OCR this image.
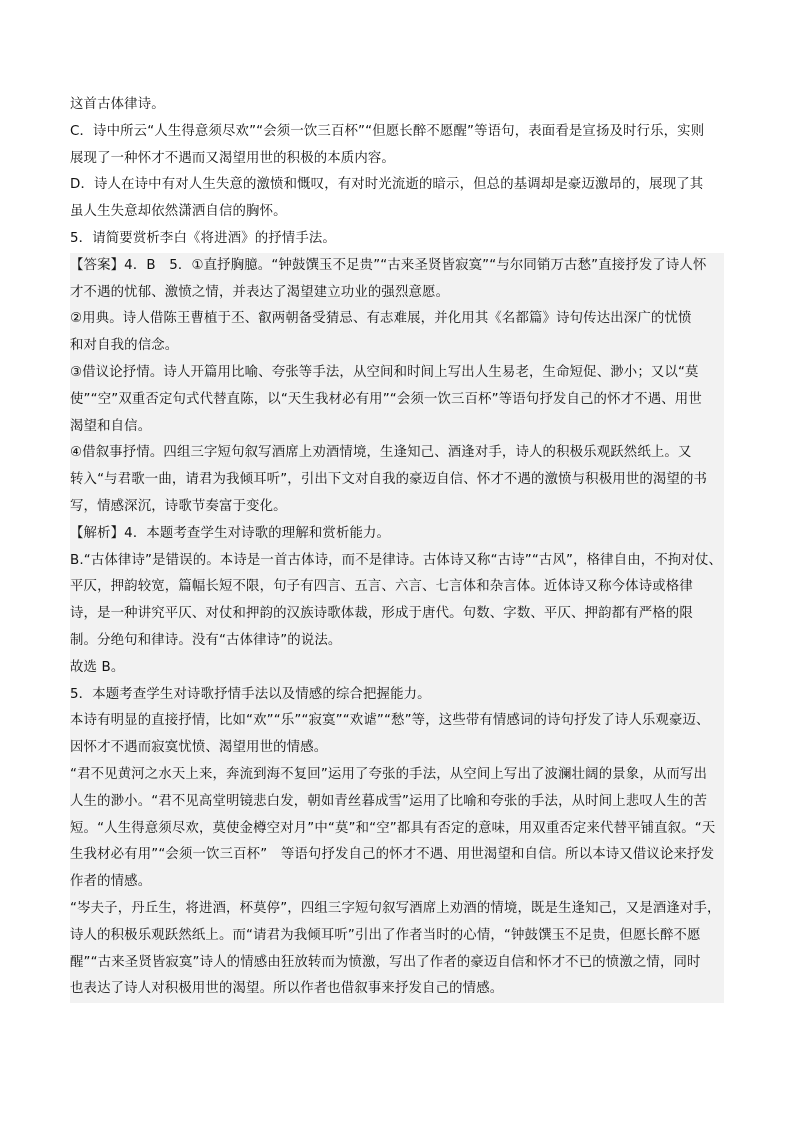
这首古体律诗。
C．诗中所云“人生得意须尽欢”“会须一饮三百杯”“但愿长醉不愿醒”等语句，表面看是宣扬及时行乐，实则
展现了一种怀才不遇而又渴望用世的积极的本质内容。
D．诗人在诗中有对人生失意的激愤和慨叹，有对时光流逝的暗示，但总的基调却是豪迈激昂的，展现了其
虽人生失意却依然潇洒自信的胸怀。
5．请简要赏析李白《将进酒》的抒情手法。
【答案】4．B　5．①直抒胸臆。“钟鼓馔玉不足贵”“古来圣贤皆寂寞”“与尔同销万古愁”直接抒发了诗人怀
才不遇的忧郁、激愤之情，并表达了渴望建立功业的强烈意愿。
②用典。诗人借陈王曹植于丕、叡两朝备受猜忌、有志难展，并化用其《名都篇》诗句传达出深广的忧愤
和对自我的信念。
③借议论抒情。诗人开篇用比喻、夸张等手法，从空间和时间上写出人生易老，生命短促、渺小；又以“莫
使”“空”双重否定句式代替直陈，以“天生我材必有用”“会须一饮三百杯”等语句抒发自己的怀才不遇、用世
渴望和自信。
④借叙事抒情。四组三字短句叙写酒席上劝酒情境，生逢知己、酒逢对手，诗人的积极乐观跃然纸上。又
转入“与君歌一曲，请君为我倾耳听”，引出下文对自我的豪迈自信、怀才不遇的激愤与积极用世的渴望的书
写，情感深沉，诗歌节奏富于变化。
【解析】4．本题考查学生对诗歌的理解和赏析能力。
B.“古体律诗”是错误的。本诗是一首古体诗，而不是律诗。古体诗又称“古诗”“古风”，格律自由，不拘对仗、
平仄，押韵较宽，篇幅长短不限，句子有四言、五言、六言、七言体和杂言体。近体诗又称今体诗或格律
诗，是一种讲究平仄、对仗和押韵的汉族诗歌体裁，形成于唐代。句数、字数、平仄、押韵都有严格的限
制。分绝句和律诗。没有“古体律诗”的说法。
故选 B。
5．本题考查学生对诗歌抒情手法以及情感的综合把握能力。
本诗有明显的直接抒情，比如“欢”“乐”“寂寞”“欢谑”“愁”等，这些带有情感词的诗句抒发了诗人乐观豪迈、
因怀才不遇而寂寞忧愤、渴望用世的情感。
“君不见黄河之水天上来，奔流到海不复回”运用了夸张的手法，从空间上写出了波澜壮阔的景象，从而写出
人生的渺小。“君不见高堂明镜悲白发，朝如青丝暮成雪”运用了比喻和夸张的手法，从时间上悲叹人生的苦
短。“人生得意须尽欢，莫使金樽空对月”中“莫”和“空”都具有否定的意味，用双重否定来代替平铺直叙。“天
生我材必有用”“会须一饮三百杯”　等语句抒发自己的怀才不遇、用世渴望和自信。所以本诗又借议论来抒发
作者的情感。
“岑夫子，丹丘生，将进酒，杯莫停”，四组三字短句叙写酒席上劝酒的情境，既是生逢知己，又是酒逢对手，
诗人的积极乐观跃然纸上。而“请君为我倾耳听”引出了作者当时的心情，“钟鼓馔玉不足贵，但愿长醉不愿
醒”“古来圣贤皆寂寞”诗人的情感由狂放转而为愤激，写出了作者的豪迈自信和怀才不已的愤激之情，同时
也表达了诗人对积极用世的渴望。所以作者也借叙事来抒发自己的情感。
